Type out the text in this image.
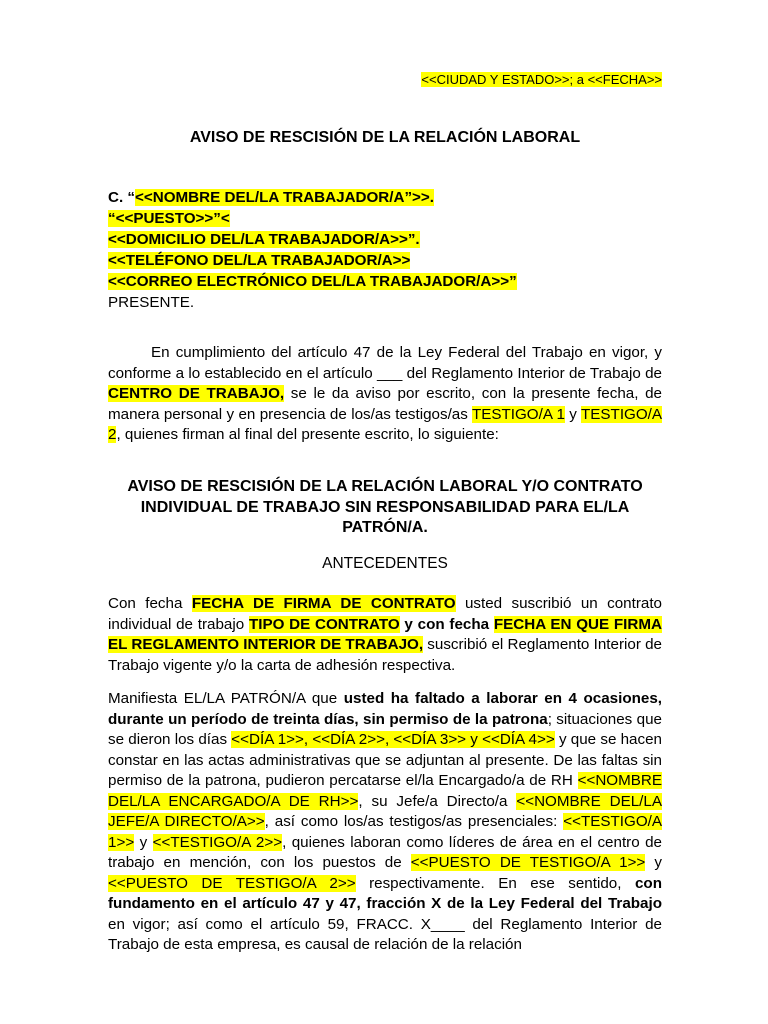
<<CIUDAD Y ESTADO>>; a <<FECHA>>
AVISO DE RESCISIÓN DE LA RELACIÓN LABORAL
C. “<<NOMBRE DEL/LA TRABAJADOR/A”>>.
“<<PUESTO>>”<
<<DOMICILIO DEL/LA TRABAJADOR/A>>”.
<<TELÉFONO DEL/LA TRABAJADOR/A>>
<<CORREO ELECTRÓNICO DEL/LA TRABAJADOR/A>>”
PRESENTE.
En cumplimiento del artículo 47 de la Ley Federal del Trabajo en vigor, y conforme a lo establecido en el artículo ___ del Reglamento Interior de Trabajo de CENTRO DE TRABAJO, se le da aviso por escrito, con la presente fecha, de manera personal y en presencia de los/as testigos/as TESTIGO/A 1 y TESTIGO/A 2, quienes firman al final del presente escrito, lo siguiente:
AVISO DE RESCISIÓN DE LA RELACIÓN LABORAL Y/O CONTRATO INDIVIDUAL DE TRABAJO SIN RESPONSABILIDAD PARA EL/LA PATRÓN/A.
ANTECEDENTES
Con fecha FECHA DE FIRMA DE CONTRATO usted suscribió un contrato individual de trabajo TIPO DE CONTRATO y con fecha FECHA EN QUE FIRMA EL REGLAMENTO INTERIOR DE TRABAJO, suscribió el Reglamento Interior de Trabajo vigente y/o la carta de adhesión respectiva.
Manifiesta EL/LA PATRÓN/A que usted ha faltado a laborar en 4 ocasiones, durante un período de treinta días, sin permiso de la patrona; situaciones que se dieron los días <<DÍA 1>>, <<DÍA 2>>, <<DÍA 3>> y <<DÍA 4>> y que se hacen constar en las actas administrativas que se adjuntan al presente. De las faltas sin permiso de la patrona, pudieron percatarse el/la Encargado/a de RH <<NOMBRE DEL/LA ENCARGADO/A DE RH>>, su Jefe/a Directo/a <<NOMBRE DEL/LA JEFE/A DIRECTO/A>>, así como los/as testigos/as presenciales: <<TESTIGO/A 1>> y <<TESTIGO/A 2>>, quienes laboran como líderes de área en el centro de trabajo en mención, con los puestos de <<PUESTO DE TESTIGO/A 1>> y <<PUESTO DE TESTIGO/A 2>> respectivamente. En ese sentido, con fundamento en el artículo 47 y 47, fracción X de la Ley Federal del Trabajo en vigor; así como el artículo 59, FRACC. X____ del Reglamento Interior de Trabajo de esta empresa, es causal de relación de la relación
